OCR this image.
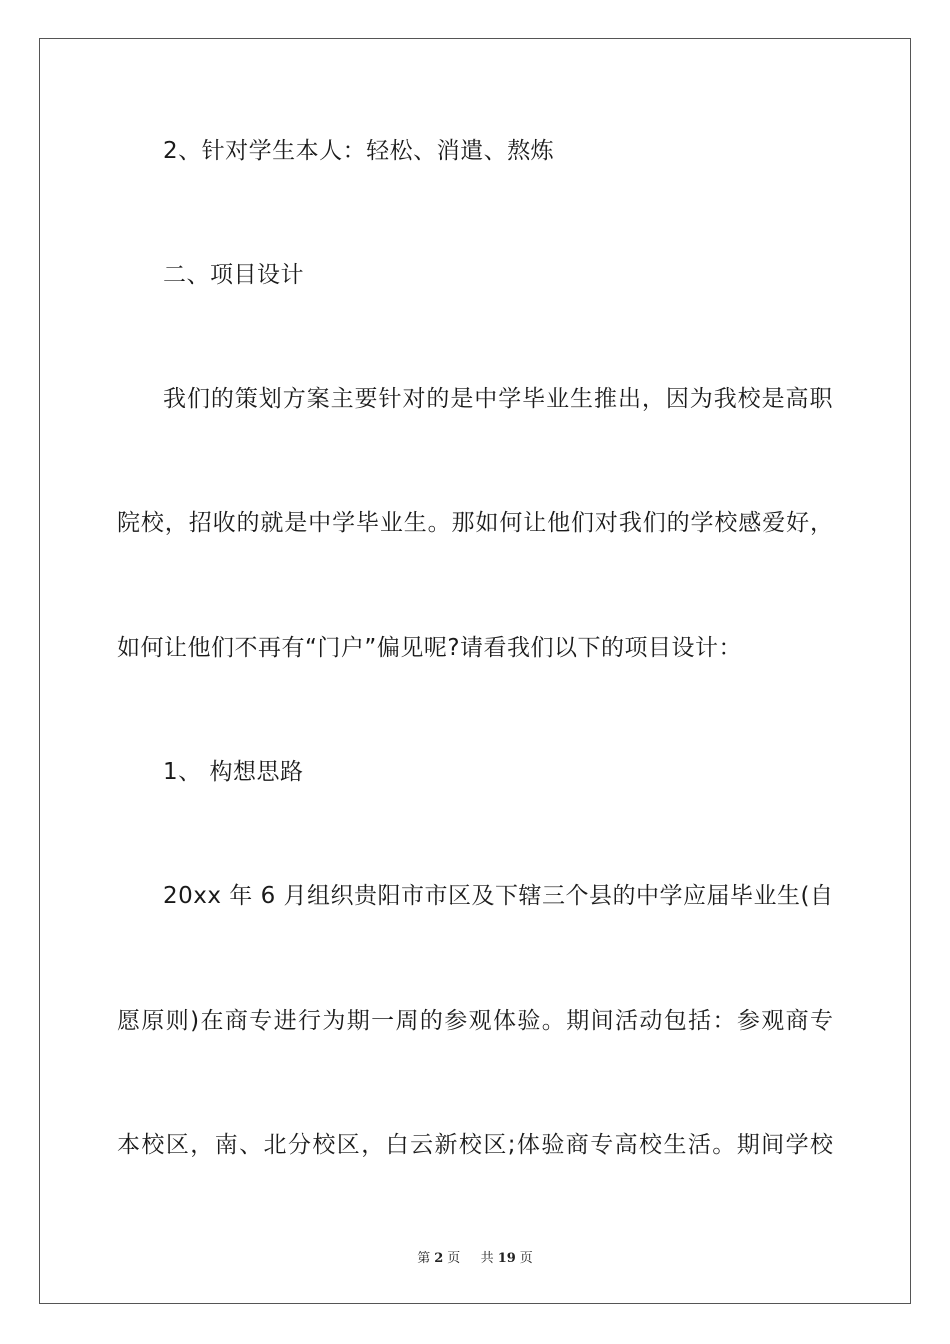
2、针对学生本人：轻松、消遣、熬炼
二、项目设计
我们的策划方案主要针对的是中学毕业生推出，因为我校是高职
院校，招收的就是中学毕业生。那如何让他们对我们的学校感爱好，
如何让他们不再有“门户”偏见呢?请看我们以下的项目设计：
1、 构想思路
20xx 年 6 月组织贵阳市市区及下辖三个县的中学应届毕业生(自
愿原则)在商专进行为期一周的参观体验。期间活动包括：参观商专
本校区，南、北分校区，白云新校区;体验商专高校生活。期间学校
第 2 页 共 19 页
